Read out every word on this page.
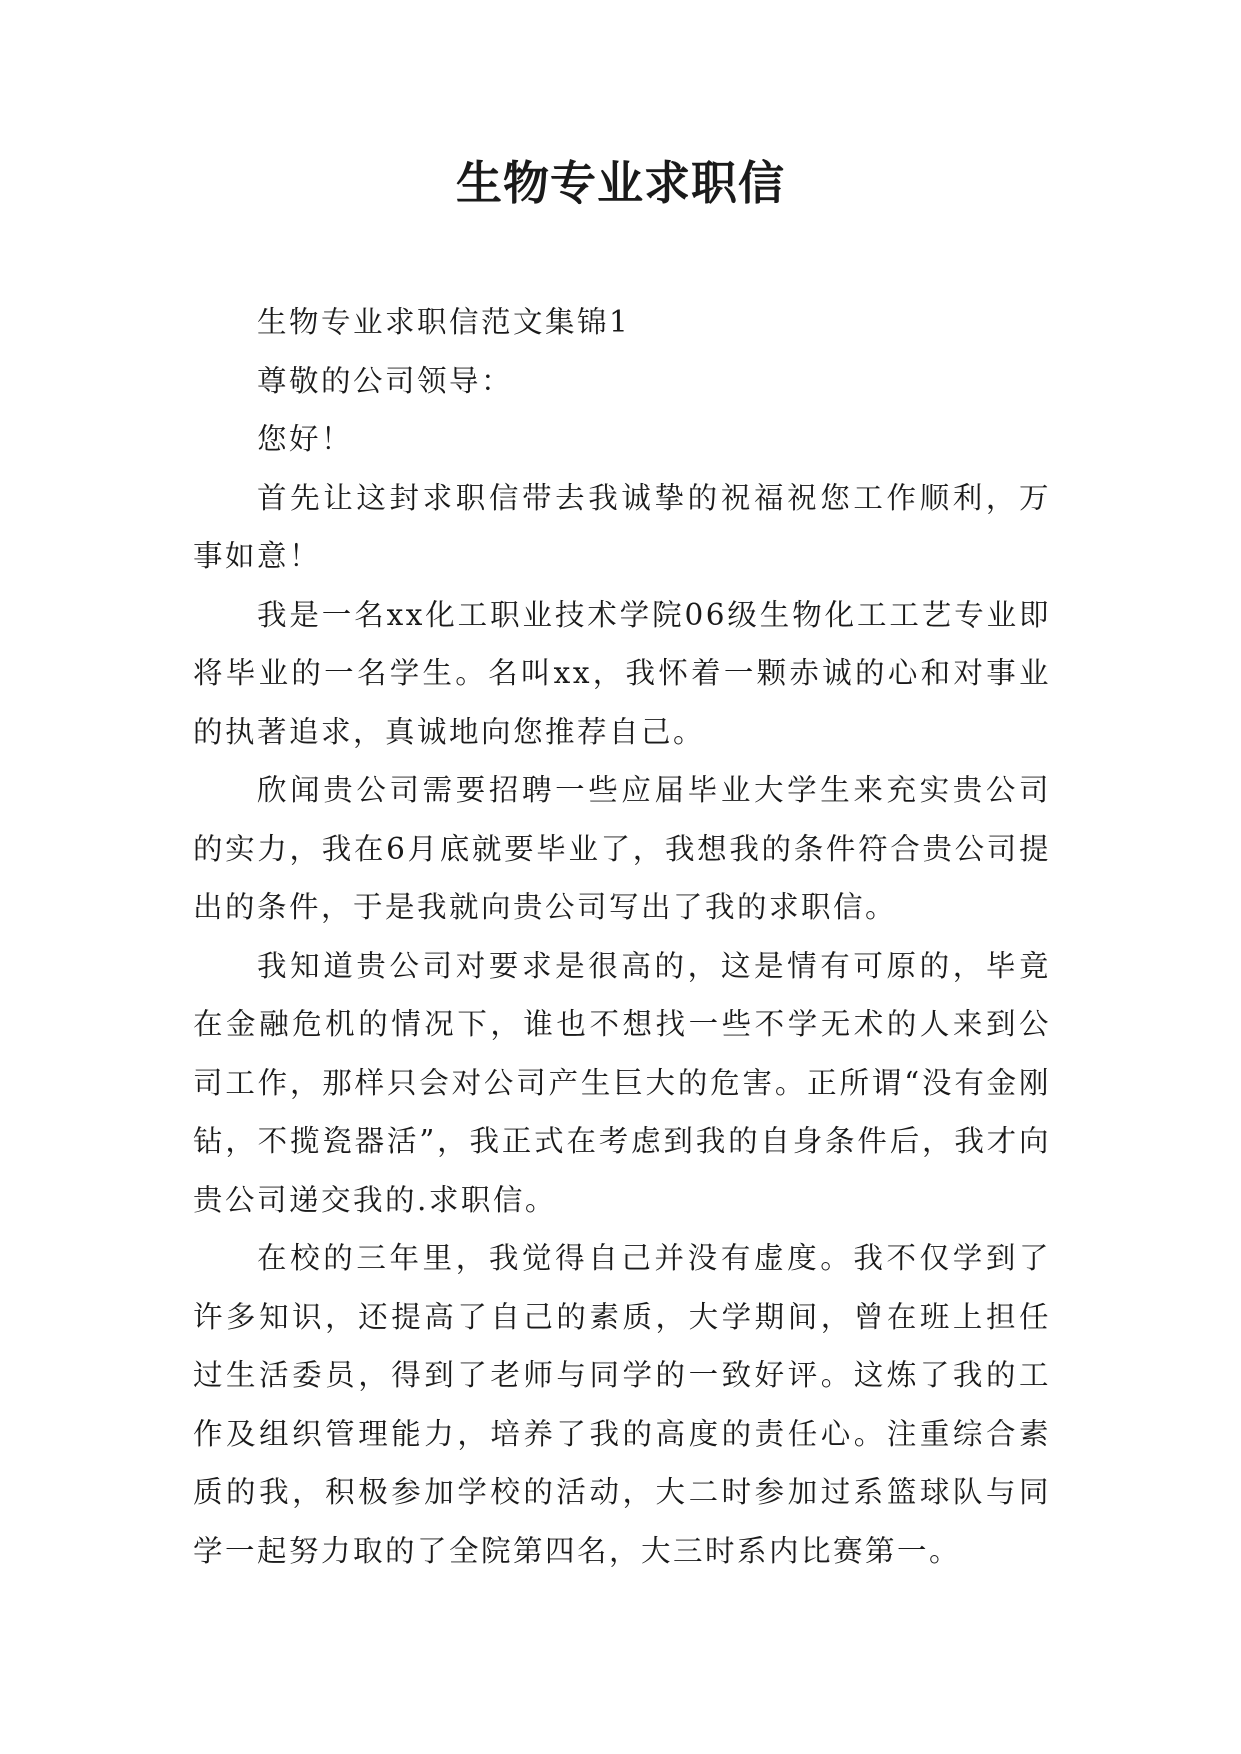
生物专业求职信

生物专业求职信范文集锦1

尊敬的公司领导：

您好！

首先让这封求职信带去我诚挚的祝福祝您工作顺利，万事如意！

我是一名xx化工职业技术学院06级生物化工工艺专业即将毕业的一名学生。名叫xx，我怀着一颗赤诚的心和对事业的执著追求，真诚地向您推荐自己。

欣闻贵公司需要招聘一些应届毕业大学生来充实贵公司的实力，我在6月底就要毕业了，我想我的条件符合贵公司提出的条件，于是我就向贵公司写出了我的求职信。

我知道贵公司对要求是很高的，这是情有可原的，毕竟在金融危机的情况下，谁也不想找一些不学无术的人来到公司工作，那样只会对公司产生巨大的危害。正所谓“没有金刚钻，不揽瓷器活”，我正式在考虑到我的自身条件后，我才向贵公司递交我的.求职信。

在校的三年里，我觉得自己并没有虚度。我不仅学到了许多知识，还提高了自己的素质，大学期间，曾在班上担任过生活委员，得到了老师与同学的一致好评。这炼了我的工作及组织管理能力，培养了我的高度的责任心。注重综合素质的我，积极参加学校的活动，大二时参加过系篮球队与同学一起努力取的了全院第四名，大三时系内比赛第一。
